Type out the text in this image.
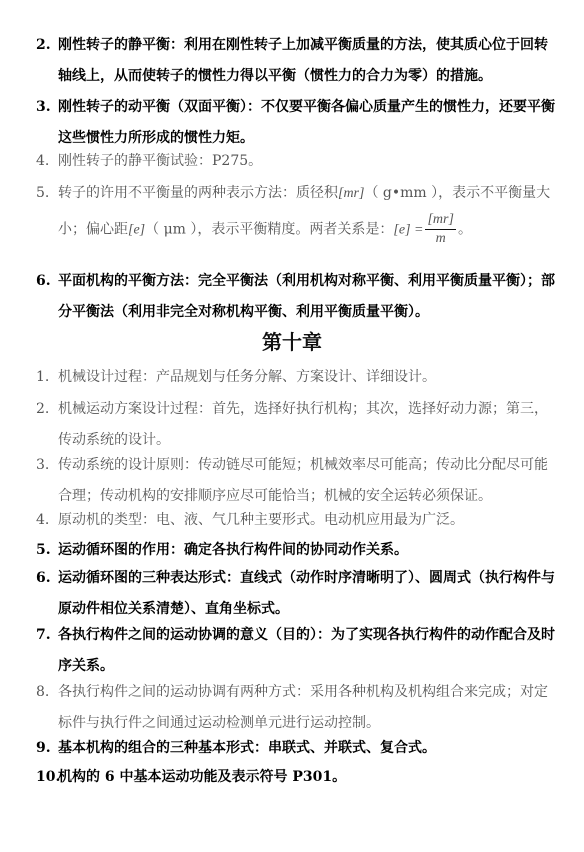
2. 刚性转子的静平衡：利用在刚性转子上加减平衡质量的方法，使其质心位于回转轴线上，从而使转子的惯性力得以平衡（惯性力的合力为零）的措施。
3. 刚性转子的动平衡（双面平衡）：不仅要平衡各偏心质量产生的惯性力，还要平衡这些惯性力所形成的惯性力矩。
4. 刚性转子的静平衡试验：P275。
5. 转子的许用不平衡量的两种表示方法：质径积[mr]（ g•mm ），表示不平衡量大小；偏心距[e]（ μm ），表示平衡精度。两者关系是：$[e] = \frac{[mr]}{m}$ 。
6. 平面机构的平衡方法：完全平衡法（利用机构对称平衡、利用平衡质量平衡）；部分平衡法（利用非完全对称机构平衡、利用平衡质量平衡）。
第十章
1. 机械设计过程：产品规划与任务分解、方案设计、详细设计。
2. 机械运动方案设计过程：首先，选择好执行机构；其次，选择好动力源；第三，传动系统的设计。
3. 传动系统的设计原则：传动链尽可能短；机械效率尽可能高；传动比分配尽可能合理；传动机构的安排顺序应尽可能恰当；机械的安全运转必须保证。
4. 原动机的类型：电、液、气几种主要形式。电动机应用最为广泛。
5. 运动循环图的作用：确定各执行构件间的协同动作关系。
6. 运动循环图的三种表达形式：直线式（动作时序清晰明了）、圆周式（执行构件与原动件相位关系清楚）、直角坐标式。
7. 各执行构件之间的运动协调的意义（目的）：为了实现各执行构件的动作配合及时序关系。
8. 各执行构件之间的运动协调有两种方式：采用各种机构及机构组合来完成；对定标件与执行件之间通过运动检测单元进行运动控制。
9. 基本机构的组合的三种基本形式：串联式、并联式、复合式。
10.
机构的 6 中基本运动功能及表示符号 P301。
